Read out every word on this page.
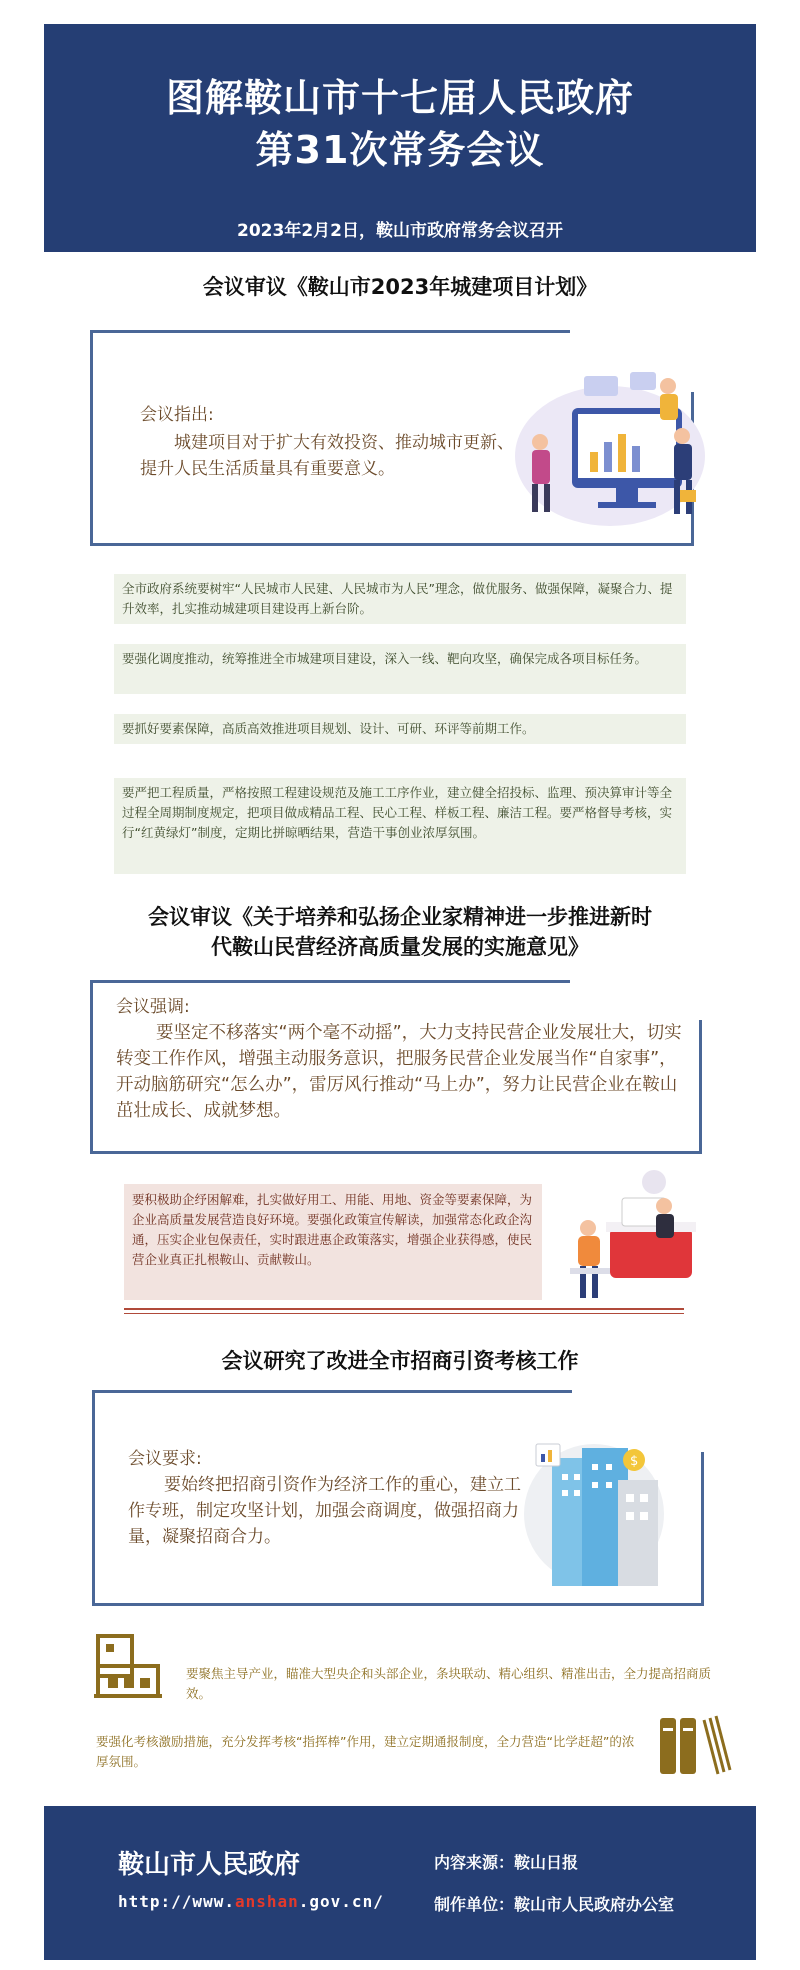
图解鞍山市十七届人民政府
第31次常务会议
2023年2月2日，鞍山市政府常务会议召开
会议审议《鞍山市2023年城建项目计划》
会议指出:
城建项目对于扩大有效投资、推动城市更新、提升人民生活质量具有重要意义。
全市政府系统要树牢“人民城市人民建、人民城市为人民”理念，做优服务、做强保障，凝聚合力、提升效率，扎实推动城建项目建设再上新台阶。
要强化调度推动，统筹推进全市城建项目建设，深入一线、靶向攻坚，确保完成各项目标任务。
要抓好要素保障，高质高效推进项目规划、设计、可研、环评等前期工作。
要严把工程质量，严格按照工程建设规范及施工工序作业，建立健全招投标、监理、预决算审计等全过程全周期制度规定，把项目做成精品工程、民心工程、样板工程、廉洁工程。要严格督导考核，实行“红黄绿灯”制度，定期比拼晾晒结果，营造干事创业浓厚氛围。
会议审议《关于培养和弘扬企业家精神进一步推进新时
代鞍山民营经济高质量发展的实施意见》
会议强调:
要坚定不移落实“两个毫不动摇”，大力支持民营企业发展壮大，切实转变工作作风，增强主动服务意识，把服务民营企业发展当作“自家事”，开动脑筋研究“怎么办”，雷厉风行推动“马上办”，努力让民营企业在鞍山茁壮成长、成就梦想。
要积极助企纾困解难，扎实做好用工、用能、用地、资金等要素保障，为企业高质量发展营造良好环境。要强化政策宣传解读，加强常态化政企沟通，压实企业包保责任，实时跟进惠企政策落实，增强企业获得感，使民营企业真正扎根鞍山、贡献鞍山。
会议研究了改进全市招商引资考核工作
会议要求:
要始终把招商引资作为经济工作的重心，建立工作专班，制定攻坚计划，加强会商调度，做强招商力量，凝聚招商合力。
$
要聚焦主导产业，瞄准大型央企和头部企业，条块联动、精心组织、精准出击，全力提高招商质效。
要强化考核激励措施，充分发挥考核“指挥棒”作用，建立定期通报制度，全力营造“比学赶超”的浓厚氛围。
鞍山市人民政府
http://www.anshan.gov.cn/
内容来源：鞍山日报
制作单位：鞍山市人民政府办公室
